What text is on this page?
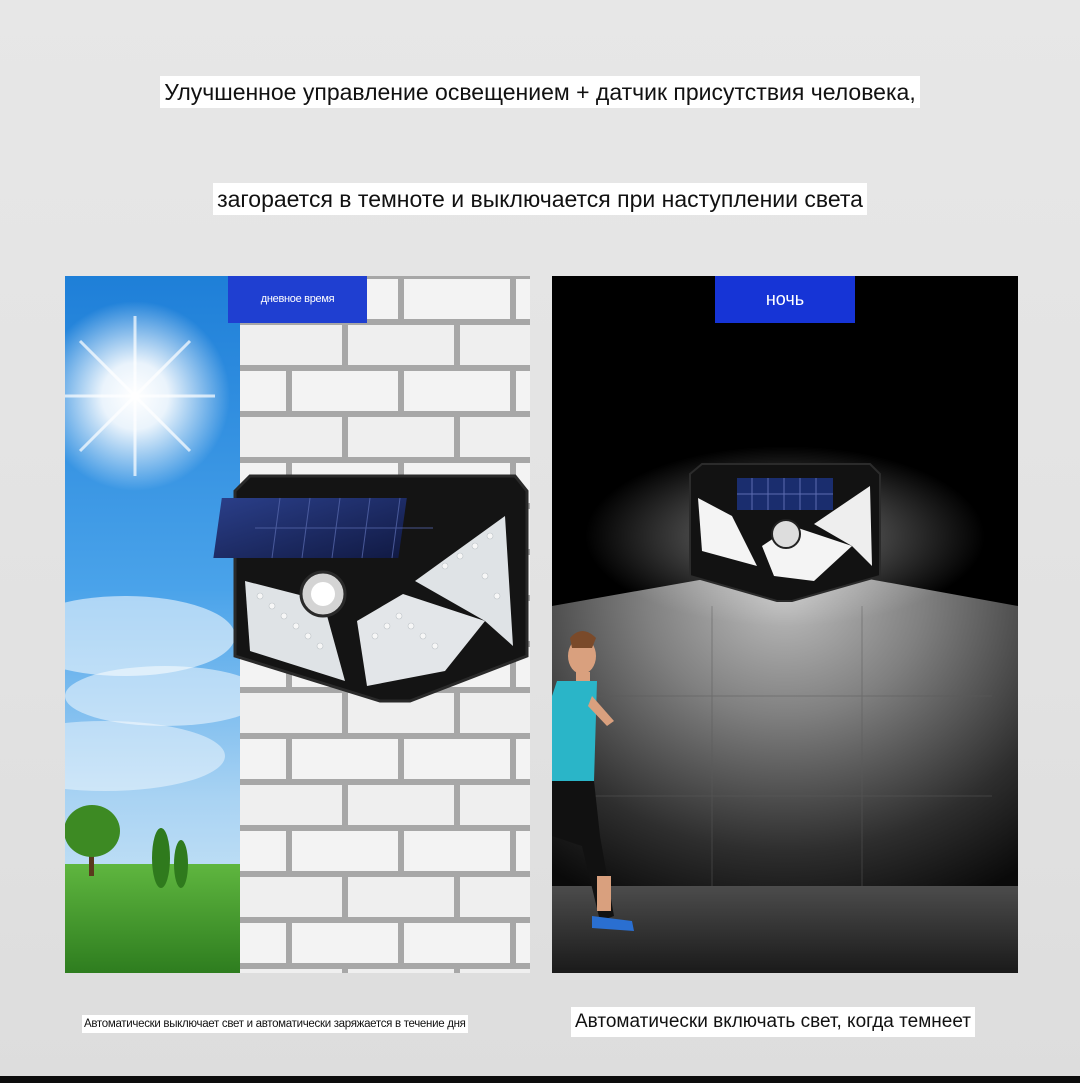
Улучшенное управление освещением + датчик присутствия человека,
загорается в темноте и выключается при наступлении света
дневное время	ночь
Автоматически выключает свет и автоматически заряжается в течение дня	Автоматически включать свет, когда темнеет
